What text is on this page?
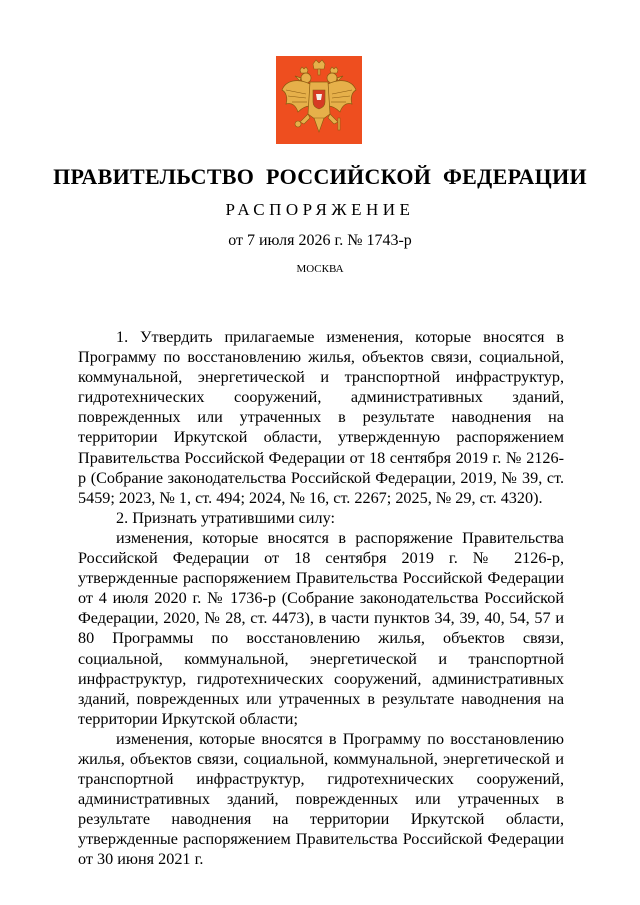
ПРАВИТЕЛЬСТВО РОССИЙСКОЙ ФЕДЕРАЦИИ
РАСПОРЯЖЕНИЕ
от 7 июля 2026 г. № 1743-р
МОСКВА

1. Утвердить прилагаемые изменения, которые вносятся в Программу по восстановлению жилья, объектов связи, социальной, коммунальной, энергетической и транспортной инфраструктур, гидротехнических сооружений, административных зданий, поврежденных или утраченных в результате наводнения на территории Иркутской области, утвержденную распоряжением Правительства Российской Федерации от 18 сентября 2019 г. № 2126-р (Собрание законодательства Российской Федерации, 2019, № 39, ст. 5459; 2023, № 1, ст. 494; 2024, № 16, ст. 2267; 2025, № 29, ст. 4320).

2. Признать утратившими силу:

изменения, которые вносятся в распоряжение Правительства Российской Федерации от 18 сентября 2019 г. № 2126-р, утвержденные распоряжением Правительства Российской Федерации от 4 июля 2020 г. № 1736-р (Собрание законодательства Российской Федерации, 2020, № 28, ст. 4473), в части пунктов 34, 39, 40, 54, 57 и 80 Программы по восстановлению жилья, объектов связи, социальной, коммунальной, энергетической и транспортной инфраструктур, гидротехнических сооружений, административных зданий, поврежденных или утраченных в результате наводнения на территории Иркутской области;

изменения, которые вносятся в Программу по восстановлению жилья, объектов связи, социальной, коммунальной, энергетической и транспортной инфраструктур, гидротехнических сооружений, административных зданий, поврежденных или утраченных в результате наводнения на территории Иркутской области, утвержденные распоряжением Правительства Российской Федерации от 30 июня 2021 г.
